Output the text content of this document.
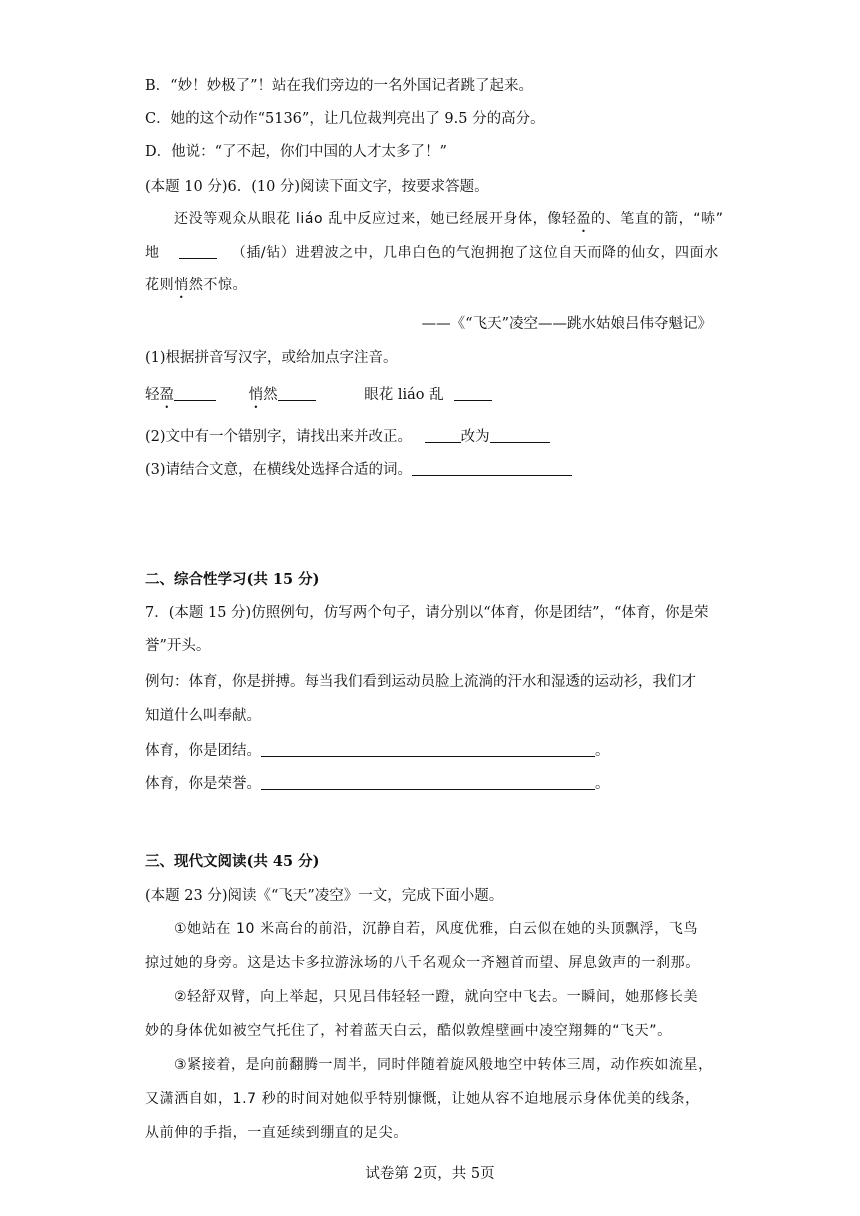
B．“妙！妙极了”！站在我们旁边的一名外国记者跳了起来。
C．她的这个动作“5136”，让几位裁判亮出了 9.5 分的高分。
D．他说：“了不起，你们中国的人才太多了！”
(本题 10 分)6．(10 分)阅读下面文字，按要求答题。
还没等观众从眼花 liáo 乱中反应过来，她已经展开身体，像轻盈的、笔直的箭，“哧”
地	（插/钻）进碧波之中，几串白色的气泡拥抱了这位自天而降的仙女，四面水
花则悄然不惊。
——《“飞天”凌空——跳水姑娘吕伟夺魁记》
(1)根据拼音写汉字，或给加点字注音。
轻盈	悄然	眼花 liáo 乱
(2)文中有一个错别字，请找出来并改正。	改为
(3)请结合文意，在横线处选择合适的词。
二、综合性学习(共 15 分)
7．(本题 15 分)仿照例句，仿写两个句子，请分别以“体育，你是团结”，“体育，你是荣
誉”开头。
例句：体育，你是拼搏。每当我们看到运动员脸上流淌的汗水和湿透的运动衫，我们才
知道什么叫奉献。
体育，你是团结。	。
体育，你是荣誉。	。
三、现代文阅读(共 45 分)
(本题 23 分)阅读《“飞天”凌空》一文，完成下面小题。
①她站在 10 米高台的前沿，沉静自若，风度优雅，白云似在她的头顶飘浮，飞鸟
掠过她的身旁。这是达卡多拉游泳场的八千名观众一齐翘首而望、屏息敛声的一刹那。
②轻舒双臂，向上举起，只见吕伟轻轻一蹬，就向空中飞去。一瞬间，她那修长美
妙的身体优如被空气托住了，衬着蓝天白云，酷似敦煌壁画中凌空翔舞的“飞天”。
③紧接着，是向前翻腾一周半，同时伴随着旋风般地空中转体三周，动作疾如流星，
又潇洒自如，1.7 秒的时间对她似乎特别慷慨，让她从容不迫地展示身体优美的线条，
从前伸的手指，一直延续到绷直的足尖。
试卷第 2页，共 5页
